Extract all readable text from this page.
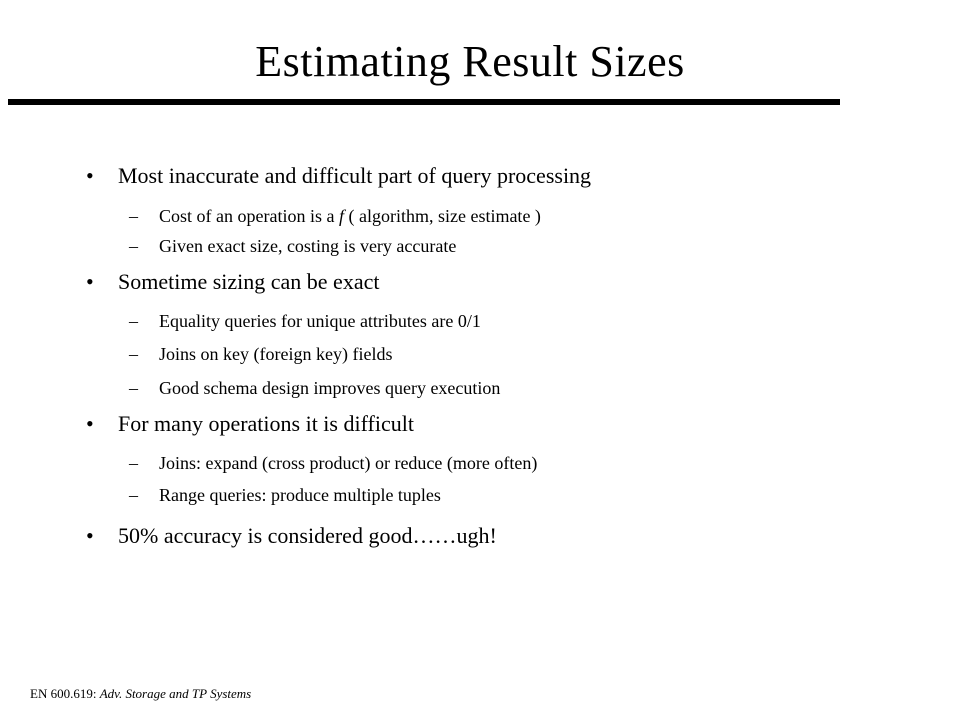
Estimating Result Sizes
• Most inaccurate and difficult part of query processing
– Cost of an operation is a f ( algorithm, size estimate )
– Given exact size, costing is very accurate
• Sometime sizing can be exact
– Equality queries for unique attributes are 0/1
– Joins on key (foreign key) fields
– Good schema design improves query execution
• For many operations it is difficult
– Joins: expand (cross product) or reduce (more often)
– Range queries: produce multiple tuples
• 50% accuracy is considered good……ugh!
EN 600.619: Adv. Storage and TP Systems
